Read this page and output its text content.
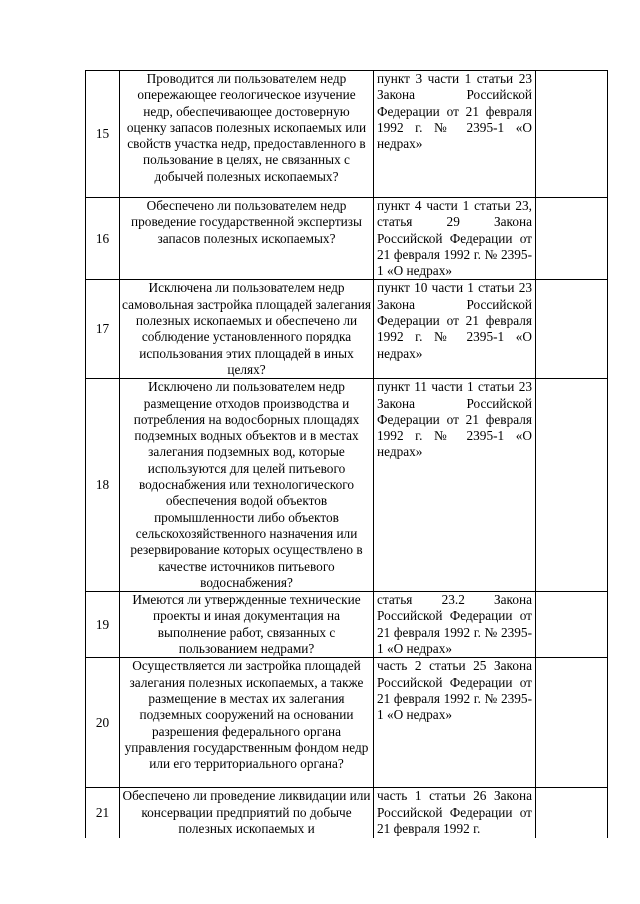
15	Проводится ли пользователем недр опережающее геологическое изучение недр, обеспечивающее достоверную оценку запасов полезных ископаемых или свойств участка недр, предоставленного в пользование в целях, не связанных с добычей полезных ископаемых?	пункт 3 части 1 статьи 23 Закона Российской Федерации от 21 февраля 1992 г. № 2395-1 «О недрах»	
16	Обеспечено ли пользователем недр проведение государственной экспертизы запасов полезных ископаемых?	пункт 4 части 1 статьи 23, статья 29 Закона Российской Федерации от 21 февраля 1992 г. № 2395-1 «О недрах»	
17	Исключена ли пользователем недр самовольная застройка площадей залегания полезных ископаемых и обеспечено ли соблюдение установленного порядка использования этих площадей в иных целях?	пункт 10 части 1 статьи 23 Закона Российской Федерации от 21 февраля 1992 г. № 2395-1 «О недрах»	
18	Исключено ли пользователем недр размещение отходов производства и потребления на водосборных площадях подземных водных объектов и в местах залегания подземных вод, которые используются для целей питьевого водоснабжения или технологического обеспечения водой объектов промышленности либо объектов сельскохозяйственного назначения или резервирование которых осуществлено в качестве источников питьевого водоснабжения?	пункт 11 части 1 статьи 23 Закона Российской Федерации от 21 февраля 1992 г. № 2395-1 «О недрах»	
19	Имеются ли утвержденные технические проекты и иная документация на выполнение работ, связанных с пользованием недрами?	статья 23.2 Закона Российской Федерации от 21 февраля 1992 г. № 2395-1 «О недрах»	
20	Осуществляется ли застройка площадей залегания полезных ископаемых, а также размещение в местах их залегания подземных сооружений на основании разрешения федерального органа управления государственным фондом недр или его территориального органа?	часть 2 статьи 25 Закона Российской Федерации от 21 февраля 1992 г. № 2395-1 «О недрах»	
21	Обеспечено ли проведение ликвидации или консервации предприятий по добыче полезных ископаемых и	часть 1 статьи 26 Закона Российской Федерации от 21 февраля 1992 г.	
